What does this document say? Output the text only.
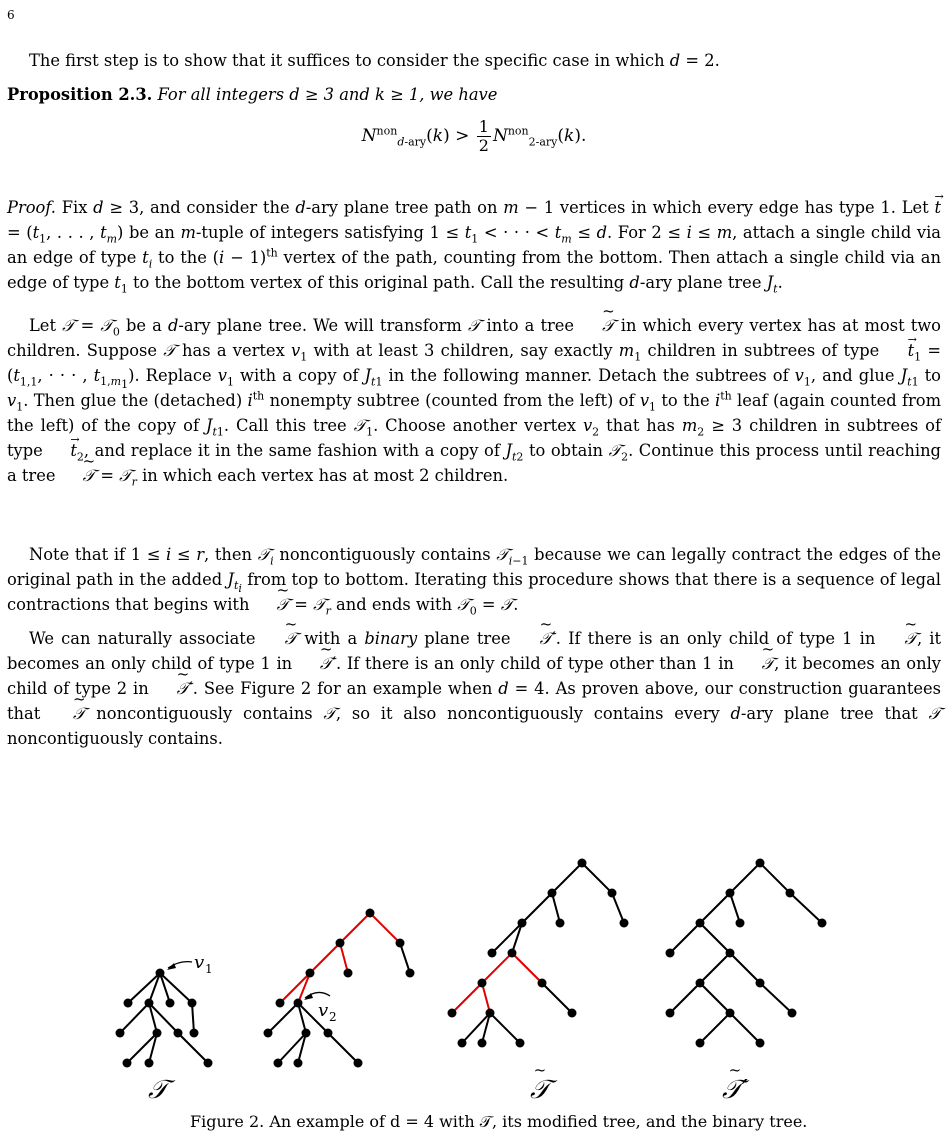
6
The first step is to show that it suffices to consider the specific case in which d = 2.
Proposition 2.3. For all integers d ≥ 3 and k ≥ 1, we have
$N^{non}_{d-ary}(k) > \frac{1}{2} N^{non}_{2-ary}(k)$.
Proof. Fix d ≥ 3, and consider the d-ary plane tree path on m − 1 vertices in which every edge has type 1. Let → $t = (t_1$, . . . , $t_m$) be an m-tuple of integers satisfying $1 \le t_1$ < · · · < $t_m \le d$. For 2 ≤ i ≤ m, attach a single child via an edge of type $t_i$ to the $(i - 1)^{th}$ vertex of the path, counting from the bottom. Then attach a single child via an edge of type $t_1$ to the bottom vertex of this original path. Call the resulting d-ary plane tree $J_t$.
Let 𝒯 = 𝒯$_0$ be a d-ary plane tree. We will transform 𝒯 into a tree ~ 𝒯 in which every vertex has at most two children. Suppose 𝒯 has a vertex $v_1$ with at least 3 children, say exactly $m_1$ children in subtrees of type → $t_1 = (t_{1,1}$, · · · , $t_{1,m_1}$). Replace $v_1$ with a copy of $J_{t1}$ in the following manner. Detach the subtrees of $v_1$, and glue $J_{t1}$ to $v_1$. Then glue the (detached) $i^{th}$ nonempty subtree (counted from the left) of $v_1$ to the $i^{th}$ leaf (again counted from the left) of the copy of $J_{t1}$. Call this tree 𝒯$_1$. Choose another vertex $v_2$ that has $m_2 \ge 3$ children in subtrees of type → $t_2$, and replace it in the same fashion with a copy of $J_{t2}$ to obtain 𝒯$_2$. Continue this process until reaching a tree ~ 𝒯 = 𝒯$_r$ in which each vertex has at most 2 children.
Note that if 1 ≤ i ≤ r, then 𝒯$_i$ noncontiguously contains 𝒯$_{i-1}$ because we can legally contract the edges of the original path in the added $J_{t_i}$ from top to bottom. Iterating this procedure shows that there is a sequence of legal contractions that begins with ~ 𝒯 = 𝒯$_r$ and ends with 𝒯$_0$ = 𝒯.
We can naturally associate ~ 𝒯 with a binary plane tree ~ 𝒯′. If there is an only child of type 1 in ~ 𝒯, it becomes an only child of type 1 in ~ 𝒯′. If there is an only child of type other than 1 in ~ 𝒯, it becomes an only child of type 2 in ~ 𝒯′. See Figure 2 for an example when d = 4. As proven above, our construction guarantees that ~ 𝒯 noncontiguously contains 𝒯, so it also noncontiguously contains every d-ary plane tree that 𝒯 noncontiguously contains.
v 1
v 2
𝒯	~ 𝒯	~ 𝒯′
Figure 2. An example of d = 4 with 𝒯, its modified tree, and the binary tree.
